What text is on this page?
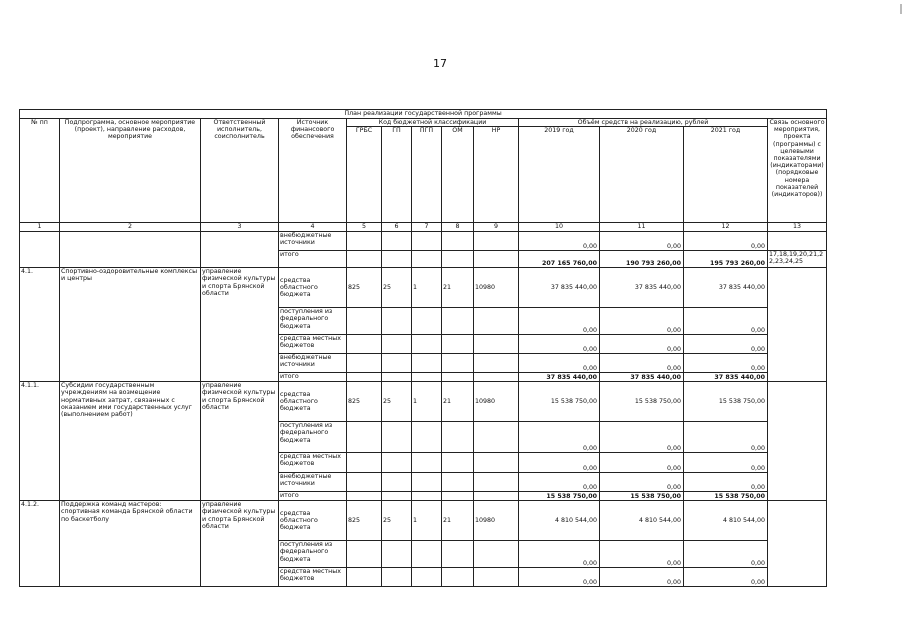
17
План реализации государственной программы												
№ пп	Подпрограмма, основное мероприятие (проект), направление расходов, мероприятие	Ответственный исполнитель, соисполнитель	Источник финансового обеспечения	Код бюджетной классификации					Объём средств на реализацию, рублей			Связь основного мероприятия, проекта (программы) с целевыми показателями (индикаторами) (порядковые номера показателей (индикаторов))
				ГРБС	ГП	ПГП	ОМ	НР	2019 год	2020 год	2021 год	
1	2	3	4	5	6	7	8	9	10	11	12	13
			внебюджетные источники						0,00	0,00	0,00	
			итого						207 165 760,00	190 793 260,00	195 793 260,00	17,18,19,20,21,22,23,24,25
4.1.	Спортивно-оздоровительные комплексы и центры	управление физической культуры и спорта Брянской области	средства областного бюджета	825	25	1	21	10980	37 835 440,00	37 835 440,00	37 835 440,00	
			поступления из федерального бюджета						0,00	0,00	0,00	
			средства местных бюджетов						0,00	0,00	0,00	
			внебюджетные источники						0,00	0,00	0,00	
			итого						37 835 440,00	37 835 440,00	37 835 440,00	
4.1.1.	Субсидии государственным учреждениям на возмещение нормативных затрат, связанных с оказанием ими государственных услуг (выполнением работ)	управление физической культуры и спорта Брянской области	средства областного бюджета	825	25	1	21	10980	15 538 750,00	15 538 750,00	15 538 750,00	
			поступления из федерального бюджета						0,00	0,00	0,00	
			средства местных бюджетов						0,00	0,00	0,00	
			внебюджетные источники						0,00	0,00	0,00	
			итого						15 538 750,00	15 538 750,00	15 538 750,00	
4.1.2.	Поддержка команд мастеров: спортивная команда Брянской области по баскетболу	управление физической культуры и спорта Брянской области	средства областного бюджета	825	25	1	21	10980	4 810 544,00	4 810 544,00	4 810 544,00	
			поступления из федерального бюджета						0,00	0,00	0,00	
			средства местных бюджетов						0,00	0,00	0,00	
